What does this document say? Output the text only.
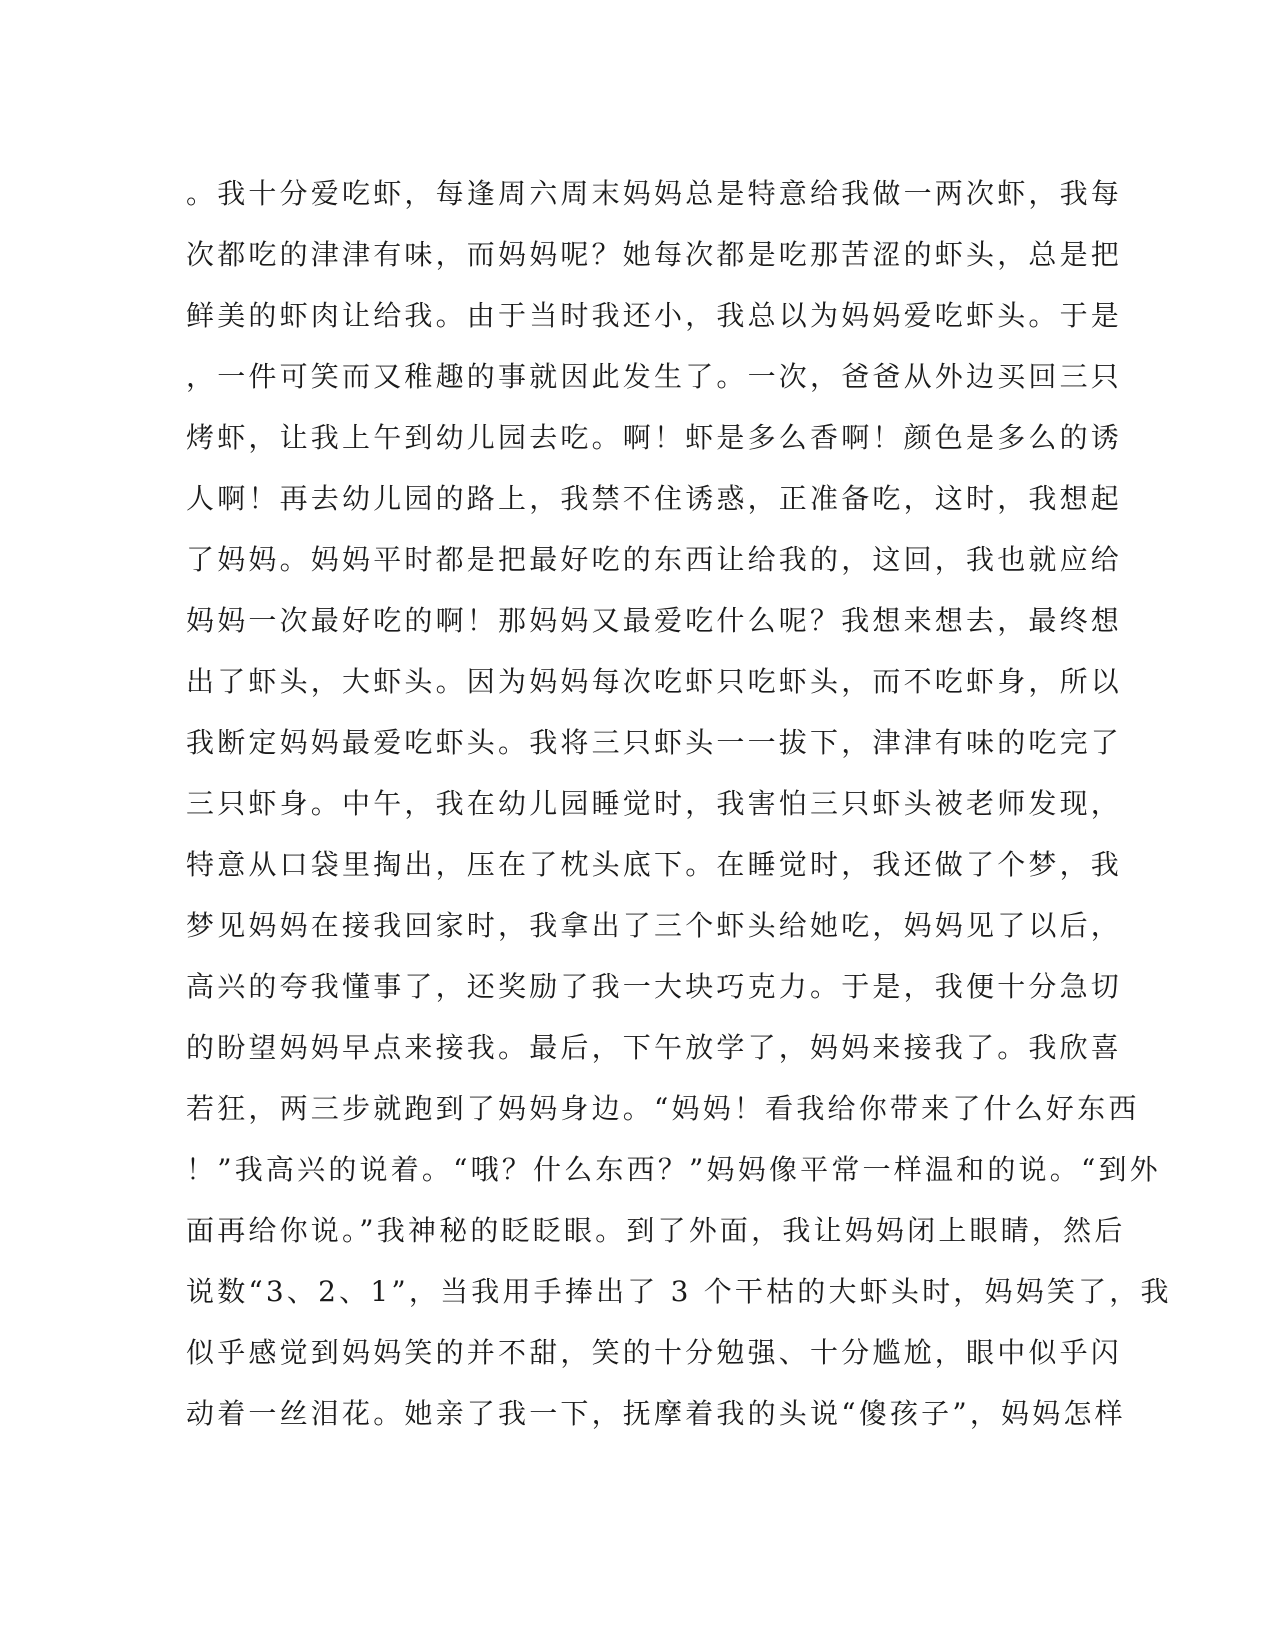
。我十分爱吃虾，每逢周六周末妈妈总是特意给我做一两次虾，我每
次都吃的津津有味，而妈妈呢？她每次都是吃那苦涩的虾头，总是把
鲜美的虾肉让给我。由于当时我还小，我总以为妈妈爱吃虾头。于是
，一件可笑而又稚趣的事就因此发生了。一次，爸爸从外边买回三只
烤虾，让我上午到幼儿园去吃。啊！虾是多么香啊！颜色是多么的诱
人啊！再去幼儿园的路上，我禁不住诱惑，正准备吃，这时，我想起
了妈妈。妈妈平时都是把最好吃的东西让给我的，这回，我也就应给
妈妈一次最好吃的啊！那妈妈又最爱吃什么呢？我想来想去，最终想
出了虾头，大虾头。因为妈妈每次吃虾只吃虾头，而不吃虾身，所以
我断定妈妈最爱吃虾头。我将三只虾头一一拔下，津津有味的吃完了
三只虾身。中午，我在幼儿园睡觉时，我害怕三只虾头被老师发现，
特意从口袋里掏出，压在了枕头底下。在睡觉时，我还做了个梦，我
梦见妈妈在接我回家时，我拿出了三个虾头给她吃，妈妈见了以后，
高兴的夸我懂事了，还奖励了我一大块巧克力。于是，我便十分急切
的盼望妈妈早点来接我。最后，下午放学了，妈妈来接我了。我欣喜
若狂，两三步就跑到了妈妈身边。“妈妈！看我给你带来了什么好东西
！”我高兴的说着。“哦？什么东西？”妈妈像平常一样温和的说。“到外
面再给你说。”我神秘的眨眨眼。到了外面，我让妈妈闭上眼睛，然后
说数“3、2、1”，当我用手捧出了 3 个干枯的大虾头时，妈妈笑了，我
似乎感觉到妈妈笑的并不甜，笑的十分勉强、十分尴尬，眼中似乎闪
动着一丝泪花。她亲了我一下，抚摩着我的头说“傻孩子”，妈妈怎样
